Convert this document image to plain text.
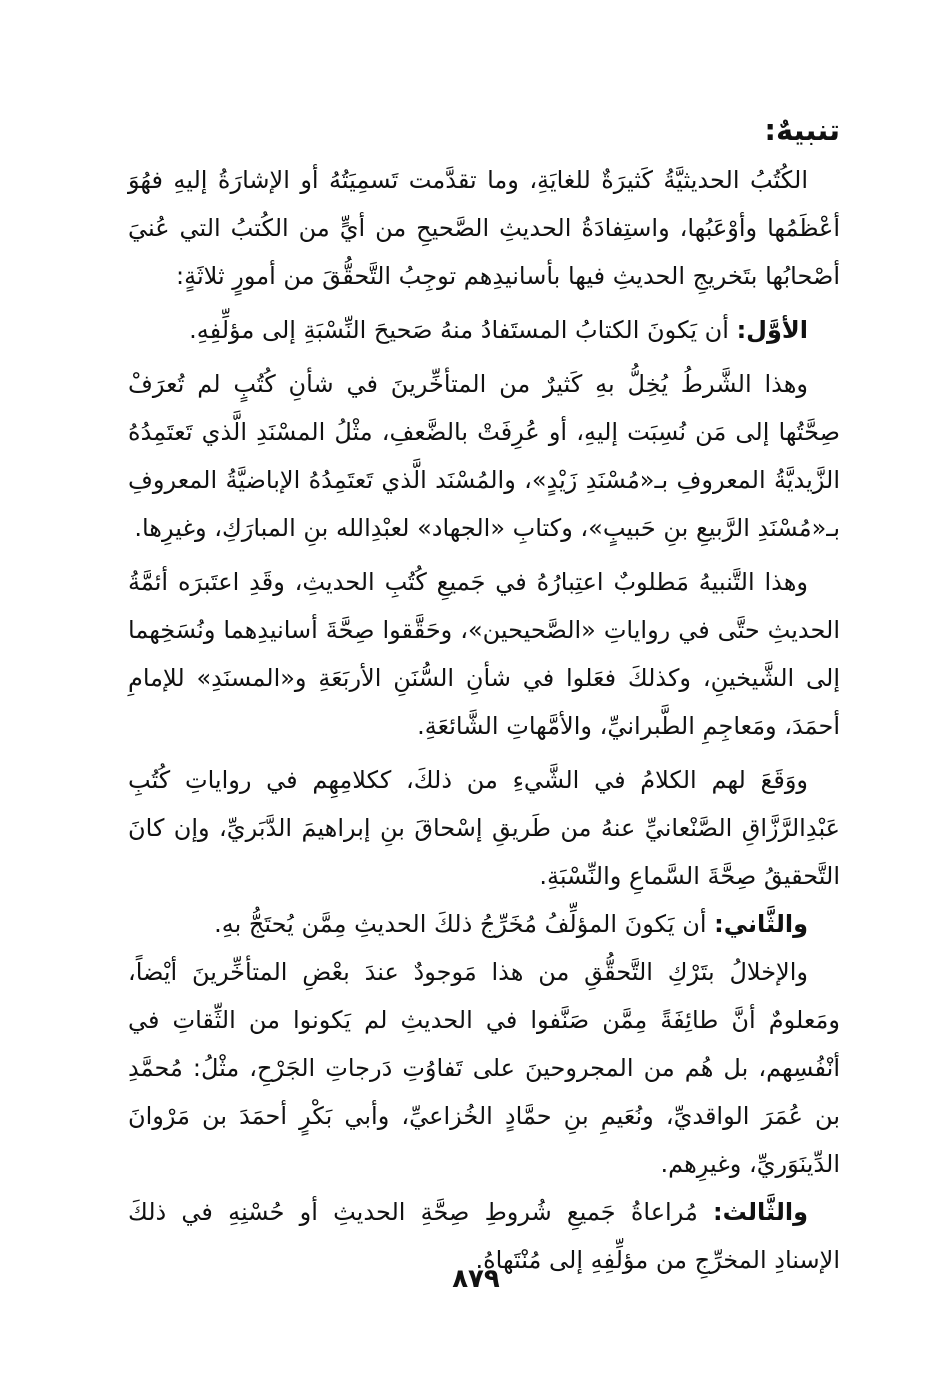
تنبيهٌ:

الكُتُبُ الحديثيَّةُ كَثيرَةٌ للغايَةِ، وما تقدَّمت تَسمِيَتُهُ أو الإشارَةُ إليهِ فهُوَ أعْظَمُها وأوْعَبُها، واستِفادَةُ الحديثِ الصَّحيحِ من أيٍّ من الكُتبُ التي عُنيَ أصْحابُها بتَخريجِ الحديثِ فيها بأسانيدِهم توجِبُ التَّحقُّقَ من أمورٍ ثلاثَةٍ:

الأوَّل: أن يَكونَ الكتابُ المستَفادُ منهُ صَحيحَ النِّسْبَةِ إلى مؤلِّفِهِ.

وهذا الشَّرطُ يُخِلُّ بهِ كَثيرٌ من المتأخِّرينَ في شأنِ كُتُبٍ لم تُعرَفْ صِحَّتُها إلى مَن نُسِبَت إليهِ، أو عُرِفَتْ بالضَّعفِ، مثْلُ المسْنَدِ الَّذي تَعتَمِدُهُ الزَّيديَّةُ المعروفِ بـ«مُسْنَدِ زَيْدٍ»، والمُسْنَد الَّذي تَعتَمِدُهُ الإباضيَّةُ المعروفِ بـ«مُسْنَدِ الرَّبيعِ بنِ حَبيبٍ»، وكتابِ «الجهاد» لعبْدِالله بنِ المبارَكِ، وغيرِها.

وهذا التَّنبيهُ مَطلوبٌ اعتِبارُهُ في جَميعِ كُتُبِ الحديثِ، وقَدِ اعتَبرَه أئمَّةُ الحديثِ حتَّى في رواياتِ «الصَّحيحين»، وحَقَّقوا صِحَّةَ أسانيدِهما ونُسَخِهما إلى الشَّيخينِ، وكذلكَ فعَلوا في شأنِ السُّنَنِ الأربَعَةِ و«المسنَدِ» للإمامِ أحمَدَ، ومَعاجِمِ الطَّبرانيِّ، والأمَّهاتِ الشَّائعَةِ.

ووَقَعَ لهم الكلامُ في الشَّيءِ من ذلكَ، ككلامِهِم في رواياتِ كُتُبِ عَبْدِالرَّزَّاقِ الصَّنْعانيِّ عنهُ من طَريقِ إسْحاقَ بنِ إبراهيمَ الدَّبَريِّ، وإن كانَ التَّحقيقُ صِحَّةَ السَّماعِ والنِّسْبَةِ.

والثَّاني: أن يَكونَ المؤلِّفُ مُخَرِّجُ ذلكَ الحديثِ مِمَّن يُحتَجُّ بهِ.

والإخلالُ بتَرْكِ التَّحقُّقِ من هذا مَوجودٌ عندَ بعْضِ المتأخِّرينَ أيْضاً، ومَعلومٌ أنَّ طائِفَةً مِمَّن صَنَّفوا في الحديثِ لم يَكونوا من الثِّقاتِ في أنْفُسِهم، بل هُم من المجروحينَ على تَفاوُتِ دَرجاتِ الجَرْحِ، مثْلُ: مُحمَّدِ بن عُمَرَ الواقديِّ، ونُعَيمِ بنِ حمَّادٍ الخُزاعيِّ، وأبي بَكْرٍ أحمَدَ بن مَرْوانَ الدِّينَوَريِّ، وغيرِهم.

والثَّالث: مُراعاةُ جَميعِ شُروطِ صِحَّةِ الحديثِ أو حُسْنِهِ في ذلكَ الإسنادِ المخرِّجِ من مؤلِّفِهِ إلى مُنْتَهاهُ.

٨٧٩
